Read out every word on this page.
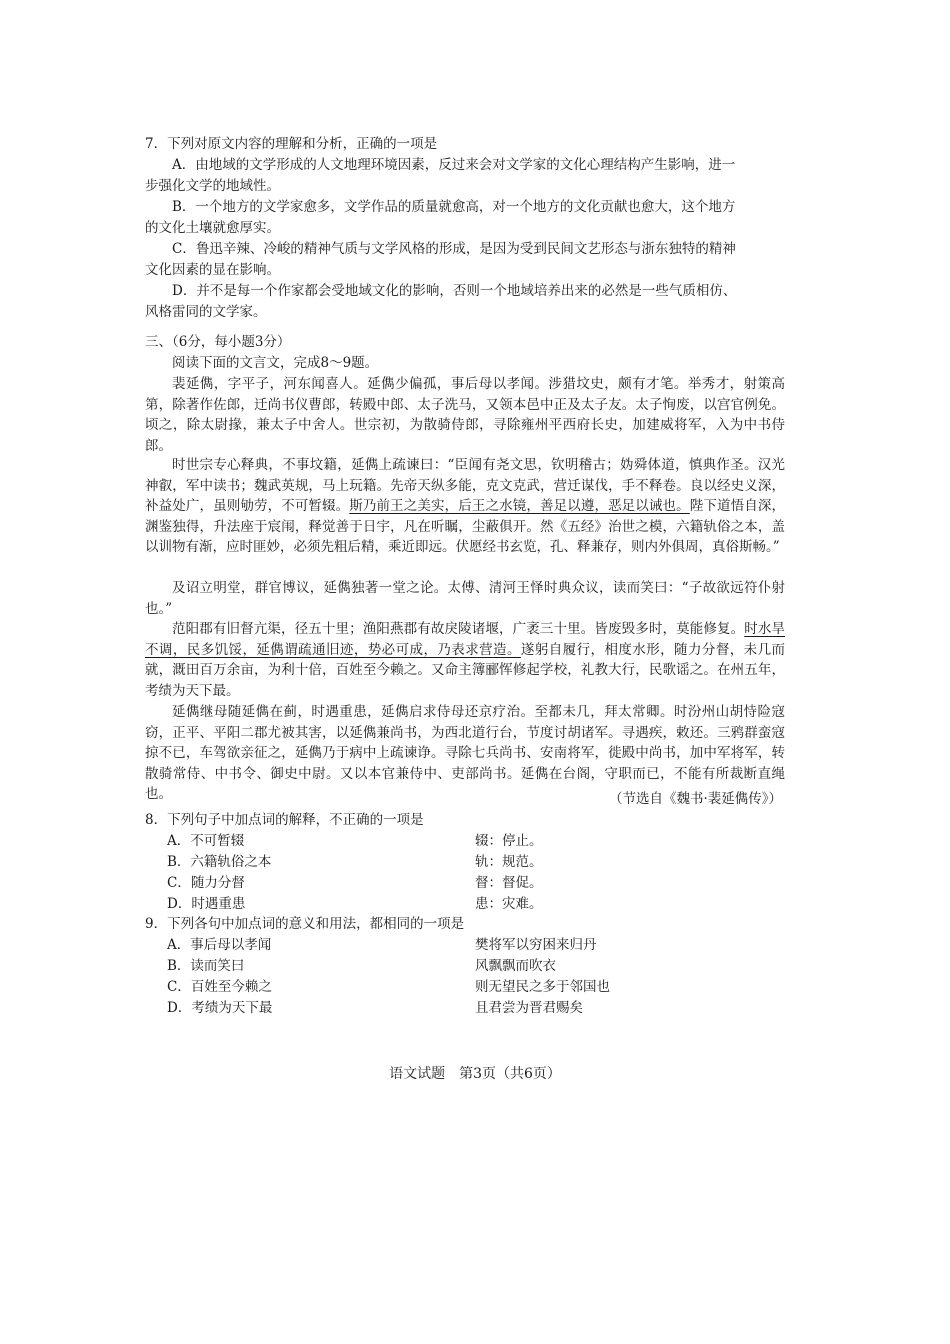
7．下列对原文内容的理解和分析，正确的一项是
A．由地域的文学形成的人文地理环境因素，反过来会对文学家的文化心理结构产生影响，进一
步强化文学的地域性。
B．一个地方的文学家愈多，文学作品的质量就愈高，对一个地方的文化贡献也愈大，这个地方
的文化土壤就愈厚实。
C．鲁迅辛辣、冷峻的精神气质与文学风格的形成，是因为受到民间文艺形态与浙东独特的精神
文化因素的显在影响。
D．并不是每一个作家都会受地域文化的影响，否则一个地域培养出来的必然是一些气质相仿、
风格雷同的文学家。
三、（6分，每小题3分）
阅读下面的文言文，完成8～9题。
裴延儁，字平子，河东闻喜人。延儁少偏孤，事后母以孝闻。涉猎坟史，颇有才笔。举秀才，射策高第，除著作佐郎，迁尚书仪曹郎，转殿中郎、太子洗马，又领本邑中正及太子友。太子恂废，以宫官例免。顷之，除太尉掾，兼太子中舍人。世宗初，为散骑侍郎，寻除雍州平西府长史，加建威将军，入为中书侍郎。
时世宗专心释典，不事坟籍，延儁上疏谏曰：“臣闻有尧文思，钦明稽古；妫舜体道，慎典作圣。汉光神叡，军中读书；魏武英规，马上玩籍。先帝天纵多能，克文克武，营迁谋伐，手不释卷。良以经史义深，补益处广，虽则劬劳，不可暂辍。斯乃前王之美实，后王之水镜，善足以遵，恶足以诫也。陛下道悟自深，渊鉴独得，升法座于宸闱，释觉善于日宇，凡在听瞩，尘蔽俱开。然《五经》治世之模，六籍轨俗之本，盖以训物有渐，应时匪妙，必须先粗后精，乘近即远。伏愿经书玄览，孔、释兼存，则内外俱周，真俗斯畅。”
及诏立明堂，群官博议，延儁独著一堂之论。太傅、清河王怿时典众议，读而笑曰：“子故欲远符仆射也。”
范阳郡有旧督亢渠，径五十里；渔阳燕郡有故戾陵诸堰，广袤三十里。皆废毁多时，莫能修复。时水旱不调，民多饥馁，延儁谓疏通旧迹，势必可成，乃表求营造。遂躬自履行，相度水形，随力分督，未几而就，溉田百万余亩，为利十倍，百姓至今赖之。又命主簿郦恽修起学校，礼教大行，民歌谣之。在州五年，考绩为天下最。
延儁继母随延儁在蓟，时遇重患，延儁启求侍母还京疗治。至都未几，拜太常卿。时汾州山胡恃险寇窃，正平、平阳二郡尤被其害，以延儁兼尚书，为西北道行台，节度讨胡诸军。寻遇疾，敕还。三鸦群蛮寇掠不已，车驾欲亲征之，延儁乃于病中上疏谏诤。寻除七兵尚书、安南将军，徙殿中尚书，加中军将军，转散骑常侍、中书令、御史中尉。又以本官兼侍中、吏部尚书。延儁在台阁，守职而已，不能有所裁断直绳也。	（节选自《魏书·裴延儁传》）
8．下列句子中加点词的解释，不正确的一项是
A．不可暂辍	辍：停止。
B．六籍轨俗之本	轨：规范。
C．随力分督	督：督促。
D．时遇重患	患：灾难。
9．下列各句中加点词的意义和用法，都相同的一项是
A．事后母以孝闻	樊将军以穷困来归丹
B．读而笑曰	风飘飘而吹衣
C．百姓至今赖之	则无望民之多于邻国也
D．考绩为天下最	且君尝为晋君赐矣
语文试题　第3页（共6页）
